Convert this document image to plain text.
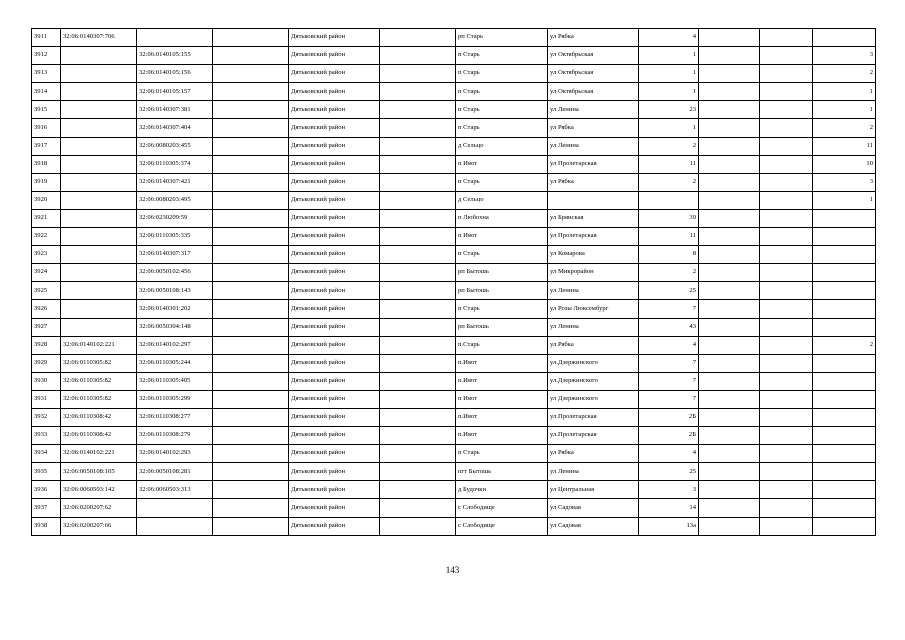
3911	32:06:0140307:706			Дятьковский район		рп Старь	ул Рябка	4			
3912		32:06:0140105:155		Дятьковский район		п Старь	ул Октябрьская	1			3
3913		32:06:0140105:156		Дятьковский район		п Старь	ул Октябрьская	1			2
3914		32:06:0140105:157		Дятьковский район		п Старь	ул Октябрьская	1			1
3915		32:06:0140307:381		Дятьковский район		п Старь	ул Ленина	23			1
3916		32:06:0140307:404		Дятьковский район		п Старь	ул Рябка	1			2
3917		32:06:0080203:455		Дятьковский район		д Сельцо	ул Ленина	2			11
3918		32:06:0110305:374		Дятьковский район		п Ивот	ул Пролетарская	11			10
3919		32:06:0140307:421		Дятьковский район		п Старь	ул Рябка	2			3
3920		32:06:0080203:495		Дятьковский район		д Сельцо					1
3921		32:06:0230209:59		Дятьковский район		п Любохна	ул Брянская	39			
3922		32:06:0110305:335		Дятьковский район		п Ивот	ул Пролетарская	11			
3923		32:06:0140307:317		Дятьковский район		п Старь	ул Комарова	8			
3924		32:06:0050102:456		Дятьковский район		рп Бытошь	ул Микрорайон	2			
3925		32:06:0050108:143		Дятьковский район		рп Бытошь	ул Ленина	25			
3926		32:06:0140301:202		Дятьковский район		п Старь	ул Розы Люксембург	7			
3927		32:06:0050304:148		Дятьковский район		рп Бытошь	ул Ленина	43			
3928	32:06:0140102:221	32:06:0140102:297		Дятьковский район		п.Старь	ул.Рябка	4			2
3929	32:06:0110305:82	32:06:0110305:244		Дятьковский район		п.Ивот	ул.Дзержинского	7			
3930	32:06:0110305:82	32:06:0110305:405		Дятьковский район		п.Ивот	ул.Дзержинского	7			
3931	32:06:0110305:82	32:06:0110305:299		Дятьковский район		п Ивот	ул Дзержинского	7			
3932	32:06:0110308:42	32:06:0110308:277		Дятьковский район		п.Ивот	ул.Пролетарская	2Б			
3933	32:06:0110308:42	32:06:0110308:279		Дятьковский район		п.Ивот	ул.Пролетарская	2Б			
3934	32:06:0140102:221	32:06:0140102:293		Дятьковский район		п Старь	ул Рябка	4			
3935	32:06:0050108:105	32:06:0050108:281		Дятьковский район		пгт Бытошь	ул Ленина	25			
3936	32:06:0060503:142	32:06:0060503:313		Дятьковский район		д Будочки	ул Центральная	3			
3937	32:06:0200207:62			Дятьковский район		с Слободище	ул Садовая	14			
3938	32:06:0200207:66			Дятьковский район		с Слободище	ул Садовая	13а			
143
